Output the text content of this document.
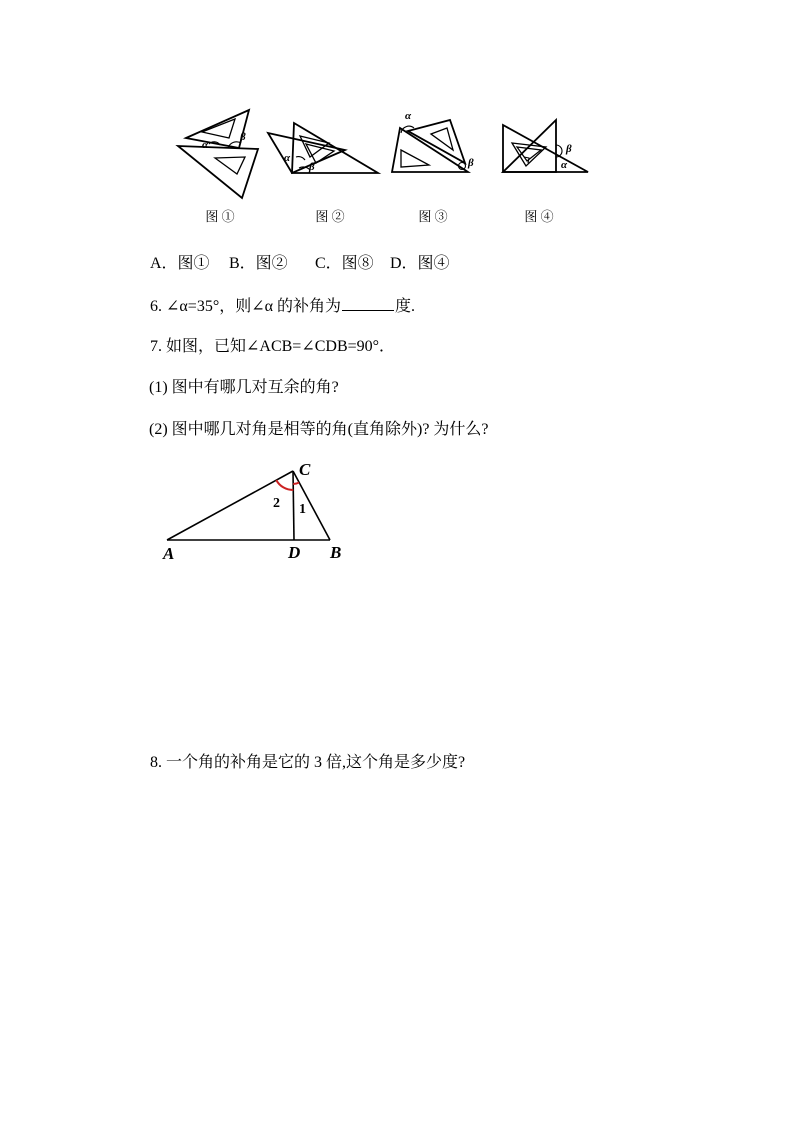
α
β
α
β
α
β
β
α
图 ①	图 ②	图 ③	图 ④
A．图① B．图② C．图⑧ D．图④
6. ∠α=35°，则∠α 的补角为	度.
7. 如图，已知∠ACB=∠CDB=90°．
(1) 图中有哪几对互余的角?
(2) 图中哪几对角是相等的角(直角除外)? 为什么?
A
C
D B
2 1
8. 一个角的补角是它的 3 倍,这个角是多少度?
